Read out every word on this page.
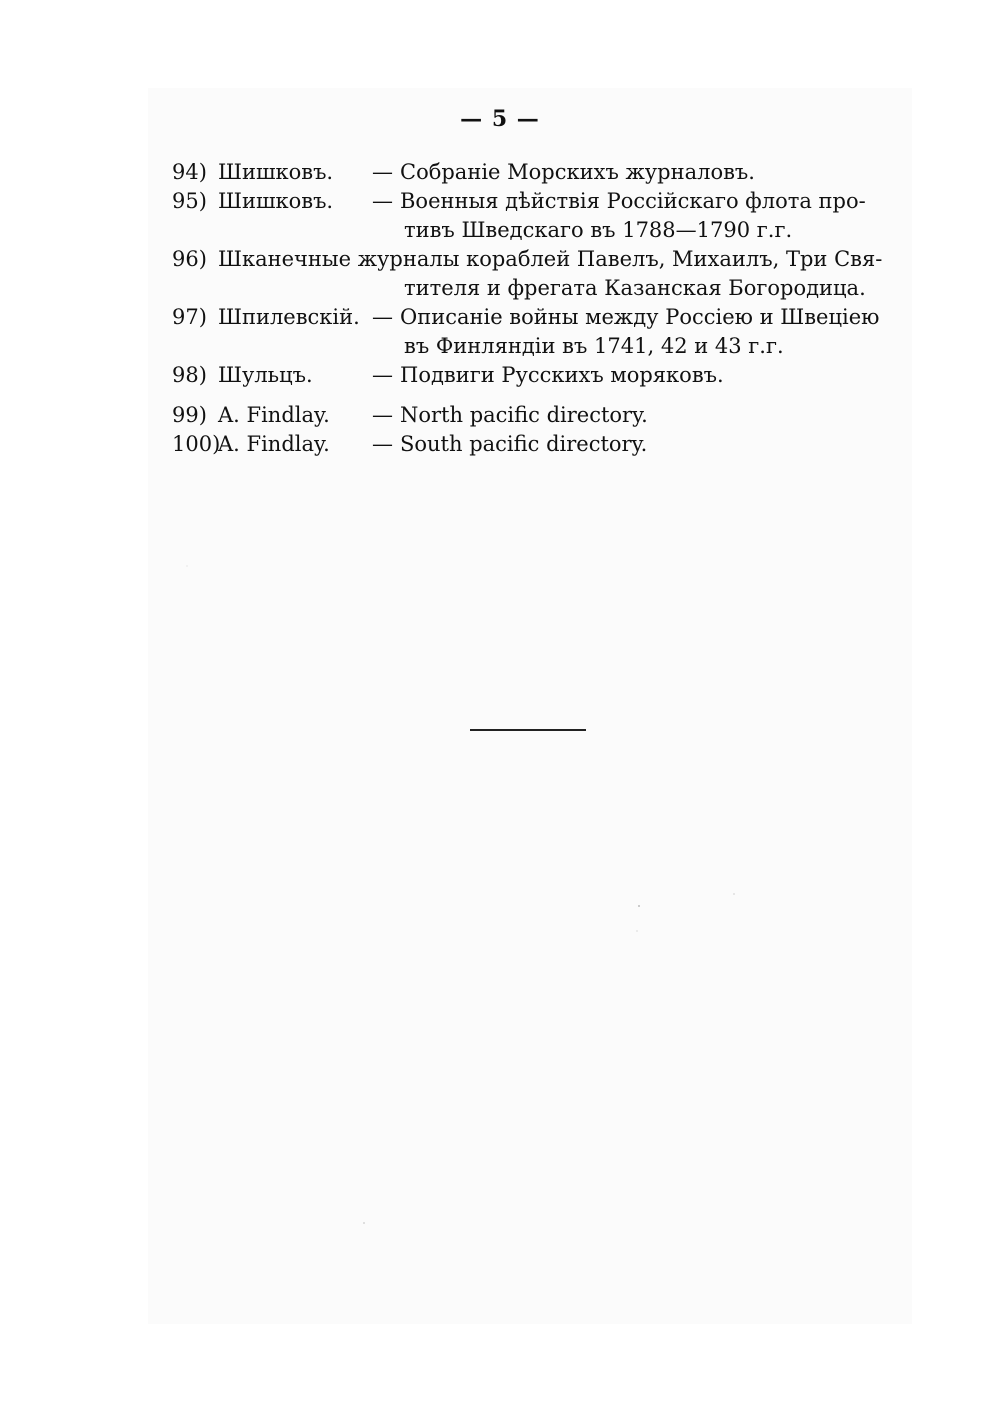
— 5 —
94) Шишковъ. — Собраніе Морскихъ журналовъ.
95) Шишковъ. — Военныя дѣйствія Россійскаго флота про-
тивъ Шведскаго въ 1788—1790 г.г.
96) Шканечные журналы кораблей Павелъ, Михаилъ, Три Свя-
тителя и фрегата Казанская Богородица.
97) Шпилевскій. — Описаніе войны между Россіею и Швеціею
въ Финляндіи въ 1741, 42 и 43 г.г.
98) Шульцъ.	— Подвиги Русскихъ моряковъ.
99) A. Findlay. — North pacific directory.
100)A. Findlay. — South pacific directory.
